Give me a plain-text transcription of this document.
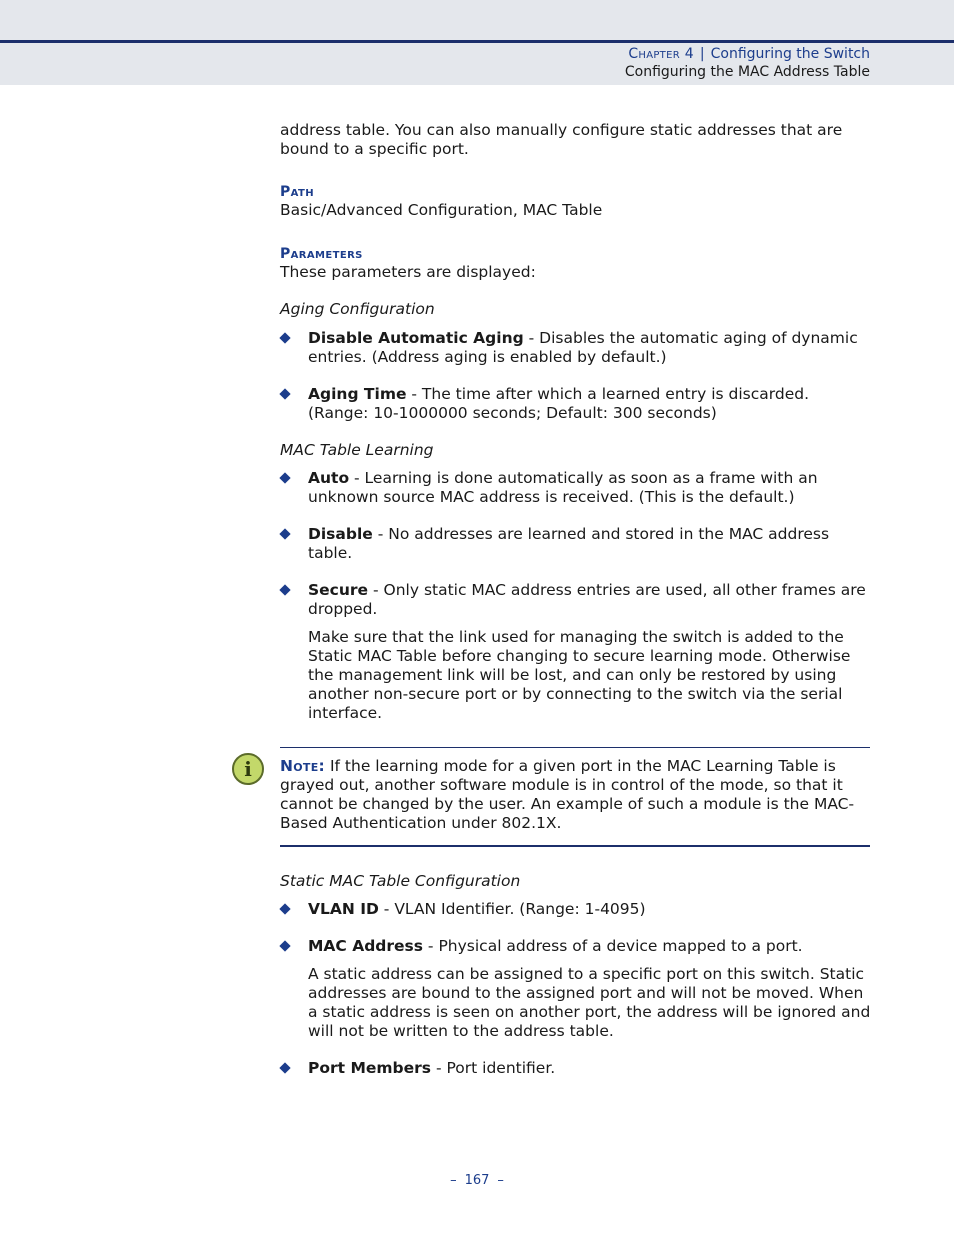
Chapter 4 | Configuring the Switch
Configuring the MAC Address Table
address table. You can also manually configure static addresses that are bound to a specific port.
Path
Basic/Advanced Configuration, MAC Table
Parameters
These parameters are displayed:
Aging Configuration
Disable Automatic Aging - Disables the automatic aging of dynamic entries. (Address aging is enabled by default.)
Aging Time - The time after which a learned entry is discarded. (Range: 10-1000000 seconds; Default: 300 seconds)
MAC Table Learning
Auto - Learning is done automatically as soon as a frame with an unknown source MAC address is received. (This is the default.)
Disable - No addresses are learned and stored in the MAC address table.
Secure - Only static MAC address entries are used, all other frames are dropped.
Make sure that the link used for managing the switch is added to the Static MAC Table before changing to secure learning mode. Otherwise the management link will be lost, and can only be restored by using another non-secure port or by connecting to the switch via the serial interface.
i Note: If the learning mode for a given port in the MAC Learning Table is grayed out, another software module is in control of the mode, so that it cannot be changed by the user. An example of such a module is the MAC-Based Authentication under 802.1X.
Static MAC Table Configuration
VLAN ID - VLAN Identifier. (Range: 1-4095)
MAC Address - Physical address of a device mapped to a port.
A static address can be assigned to a specific port on this switch. Static addresses are bound to the assigned port and will not be moved. When a static address is seen on another port, the address will be ignored and will not be written to the address table.
Port Members - Port identifier.
– 167 –
